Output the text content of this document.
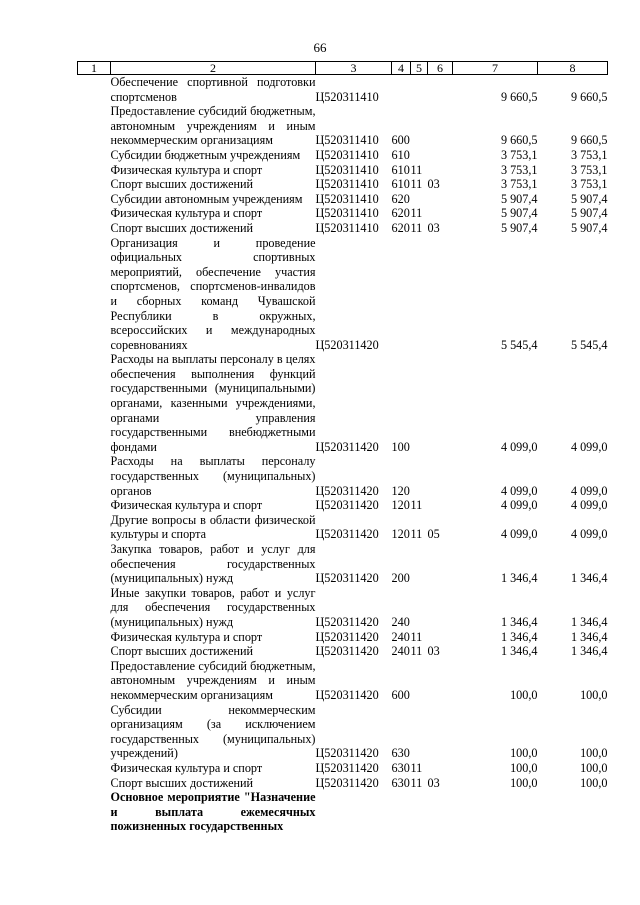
66
1	2	3	4	5	6	7	8
	Обеспечение спортивной подготовки спортсменов	Ц520311410				9 660,5	9 660,5
	Предоставление субсидий бюджетным, автономным учреждениям и иным некоммерческим организациям	Ц520311410	600			9 660,5	9 660,5
	Субсидии бюджетным учреждениям	Ц520311410	610			3 753,1	3 753,1
	Физическая культура и спорт	Ц520311410	610	11		3 753,1	3 753,1
	Спорт высших достижений	Ц520311410	610	11	03	3 753,1	3 753,1
	Субсидии автономным учреждениям	Ц520311410	620			5 907,4	5 907,4
	Физическая культура и спорт	Ц520311410	620	11		5 907,4	5 907,4
	Спорт высших достижений	Ц520311410	620	11	03	5 907,4	5 907,4
	Организация и проведение официальных спортивных мероприятий, обеспечение участия спортсменов, спортсменов-инвалидов и сборных команд Чувашской Республики в окружных, всероссийских и международных соревнованиях	Ц520311420				5 545,4	5 545,4
	Расходы на выплаты персоналу в целях обеспечения выполнения функций государственными (муниципальными) органами, казенными учреждениями, органами управления государственными внебюджетными фондами	Ц520311420	100			4 099,0	4 099,0
	Расходы на выплаты персоналу государственных (муниципальных) органов	Ц520311420	120			4 099,0	4 099,0
	Физическая культура и спорт	Ц520311420	120	11		4 099,0	4 099,0
	Другие вопросы в области физической культуры и спорта	Ц520311420	120	11	05	4 099,0	4 099,0
	Закупка товаров, работ и услуг для обеспечения государственных (муниципальных) нужд	Ц520311420	200			1 346,4	1 346,4
	Иные закупки товаров, работ и услуг для обеспечения государственных (муниципальных) нужд	Ц520311420	240			1 346,4	1 346,4
	Физическая культура и спорт	Ц520311420	240	11		1 346,4	1 346,4
	Спорт высших достижений	Ц520311420	240	11	03	1 346,4	1 346,4
	Предоставление субсидий бюджетным, автономным учреждениям и иным некоммерческим организациям	Ц520311420	600			100,0	100,0
	Субсидии некоммерческим организациям (за исключением государственных (муниципальных) учреждений)	Ц520311420	630			100,0	100,0
	Физическая культура и спорт	Ц520311420	630	11		100,0	100,0
	Спорт высших достижений	Ц520311420	630	11	03	100,0	100,0
	Основное мероприятие "Назначение и выплата ежемесячных пожизненных государственных						
